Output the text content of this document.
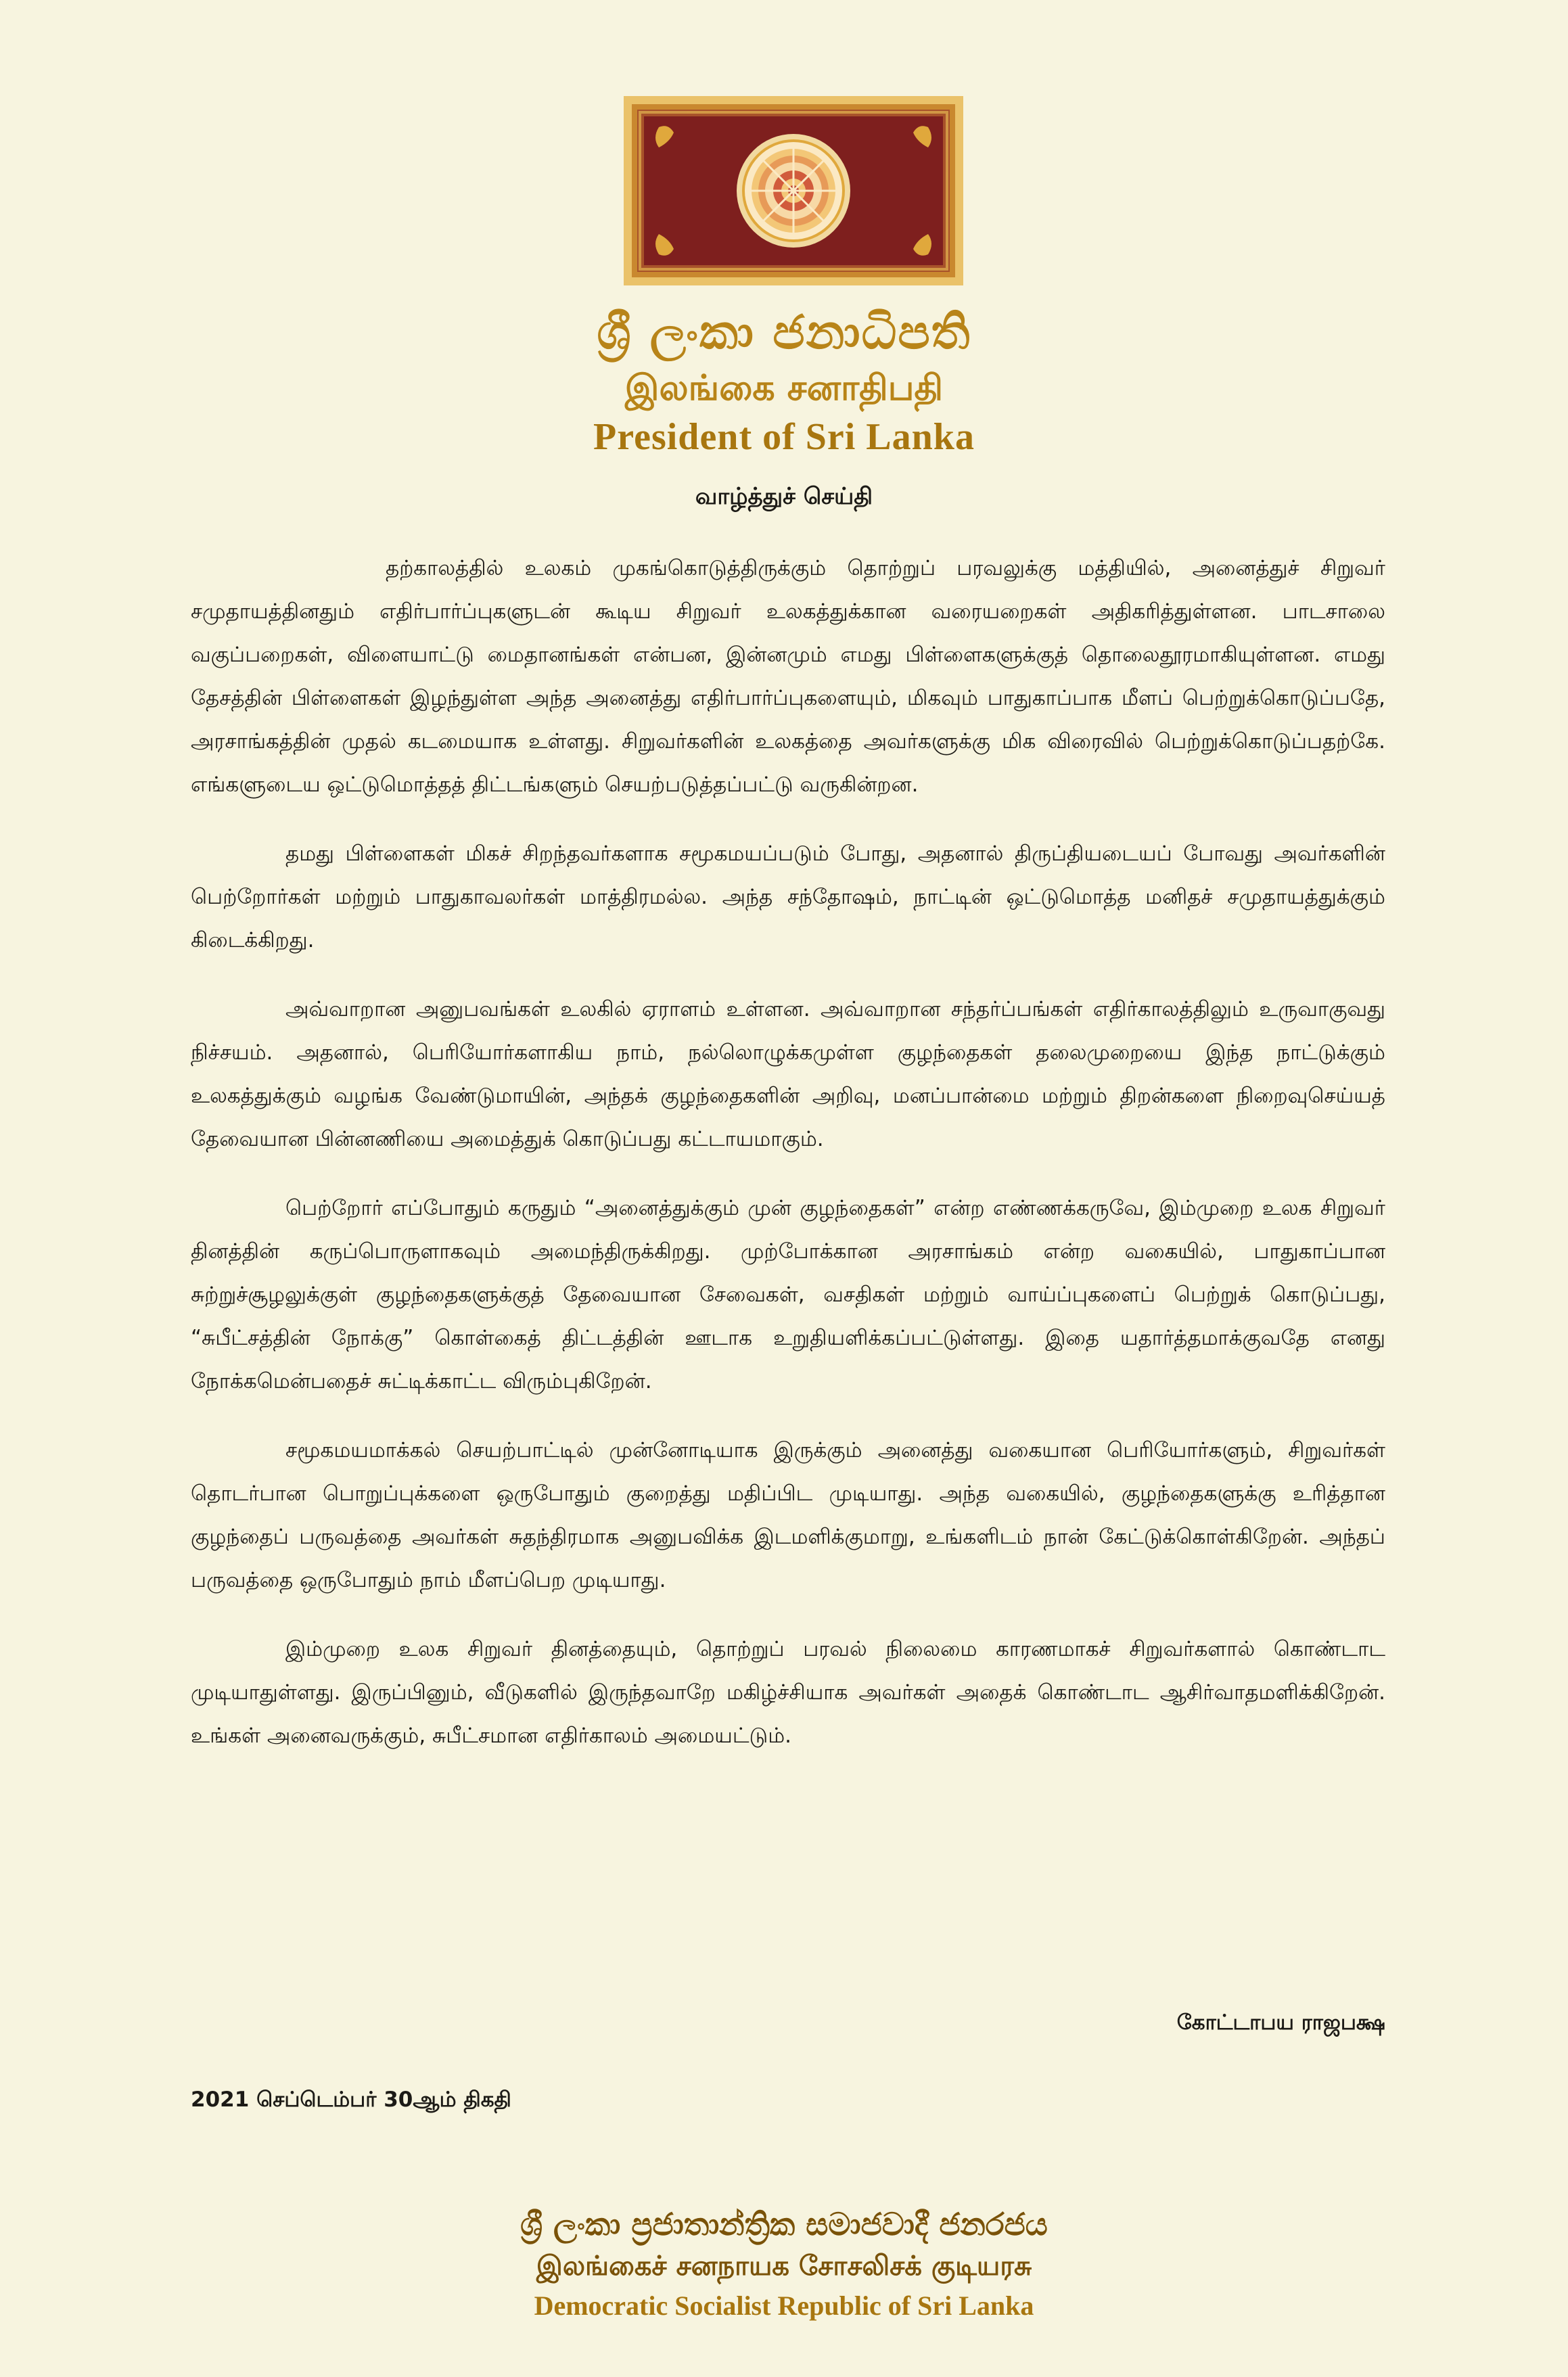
ශ්‍රී ලංකා ජනාධිපති
இலங்கை சனாதிபதி
President of Sri Lanka
வாழ்த்துச் செய்தி

தற்காலத்தில் உலகம் முகங்கொடுத்திருக்கும் தொற்றுப் பரவலுக்கு மத்தியில், அனைத்துச் சிறுவர் சமுதாயத்தினதும் எதிர்பார்ப்புகளுடன் கூடிய சிறுவர் உலகத்துக்கான வரையறைகள் அதிகரித்துள்ளன. பாடசாலை வகுப்பறைகள், விளையாட்டு மைதானங்கள் என்பன, இன்னமும் எமது பிள்ளைகளுக்குத் தொலைதூரமாகியுள்ளன. எமது தேசத்தின் பிள்ளைகள் இழந்துள்ள அந்த அனைத்து எதிர்பார்ப்புகளையும், மிகவும் பாதுகாப்பாக மீளப் பெற்றுக்கொடுப்பதே, அரசாங்கத்தின் முதல் கடமையாக உள்ளது. சிறுவர்களின் உலகத்தை அவர்களுக்கு மிக விரைவில் பெற்றுக்கொடுப்பதற்கே. எங்களுடைய ஒட்டுமொத்தத் திட்டங்களும் செயற்படுத்தப்பட்டு வருகின்றன.

தமது பிள்ளைகள் மிகச் சிறந்தவர்களாக சமூகமயப்படும் போது, அதனால் திருப்தியடையப் போவது அவர்களின் பெற்றோர்கள் மற்றும் பாதுகாவலர்கள் மாத்திரமல்ல. அந்த சந்தோஷம், நாட்டின் ஒட்டுமொத்த மனிதச் சமுதாயத்துக்கும் கிடைக்கிறது.

அவ்வாறான அனுபவங்கள் உலகில் ஏராளம் உள்ளன. அவ்வாறான சந்தர்ப்பங்கள் எதிர்காலத்திலும் உருவாகுவது நிச்சயம். அதனால், பெரியோர்களாகிய நாம், நல்லொழுக்கமுள்ள குழந்தைகள் தலைமுறையை இந்த நாட்டுக்கும் உலகத்துக்கும் வழங்க வேண்டுமாயின், அந்தக் குழந்தைகளின் அறிவு, மனப்பான்மை மற்றும் திறன்களை நிறைவுசெய்யத் தேவையான பின்னணியை அமைத்துக் கொடுப்பது கட்டாயமாகும்.

பெற்றோர் எப்போதும் கருதும் “அனைத்துக்கும் முன் குழந்தைகள்” என்ற எண்ணக்கருவே, இம்முறை உலக சிறுவர் தினத்தின் கருப்பொருளாகவும் அமைந்திருக்கிறது. முற்போக்கான அரசாங்கம் என்ற வகையில், பாதுகாப்பான சுற்றுச்சூழலுக்குள் குழந்தைகளுக்குத் தேவையான சேவைகள், வசதிகள் மற்றும் வாய்ப்புகளைப் பெற்றுக் கொடுப்பது, “சுபீட்சத்தின் நோக்கு” கொள்கைத் திட்டத்தின் ஊடாக உறுதியளிக்கப்பட்டுள்ளது. இதை யதார்த்தமாக்குவதே எனது நோக்கமென்பதைச் சுட்டிக்காட்ட விரும்புகிறேன்.

சமூகமயமாக்கல் செயற்பாட்டில் முன்னோடியாக இருக்கும் அனைத்து வகையான பெரியோர்களும், சிறுவர்கள் தொடர்பான பொறுப்புக்களை ஒருபோதும் குறைத்து மதிப்பிட முடியாது. அந்த வகையில், குழந்தைகளுக்கு உரித்தான குழந்தைப் பருவத்தை அவர்கள் சுதந்திரமாக அனுபவிக்க இடமளிக்குமாறு, உங்களிடம் நான் கேட்டுக்கொள்கிறேன். அந்தப் பருவத்தை ஒருபோதும் நாம் மீளப்பெற முடியாது.

இம்முறை உலக சிறுவர் தினத்தையும், தொற்றுப் பரவல் நிலைமை காரணமாகச் சிறுவர்களால் கொண்டாட முடியாதுள்ளது. இருப்பினும், வீடுகளில் இருந்தவாறே மகிழ்ச்சியாக அவர்கள் அதைக் கொண்டாட ஆசிர்வாதமளிக்கிறேன். உங்கள் அனைவருக்கும், சுபீட்சமான எதிர்காலம் அமையட்டும்.

கோட்டாபய ராஜபக்ஷ
2021 செப்டெம்பர் 30ஆம் திகதி
ශ්‍රී ලංකා ප්‍රජාතාන්ත්‍රික සමාජවාදී ජනරජය
இலங்கைச் சனநாயக சோசலிசக் குடியரசு
Democratic Socialist Republic of Sri Lanka
